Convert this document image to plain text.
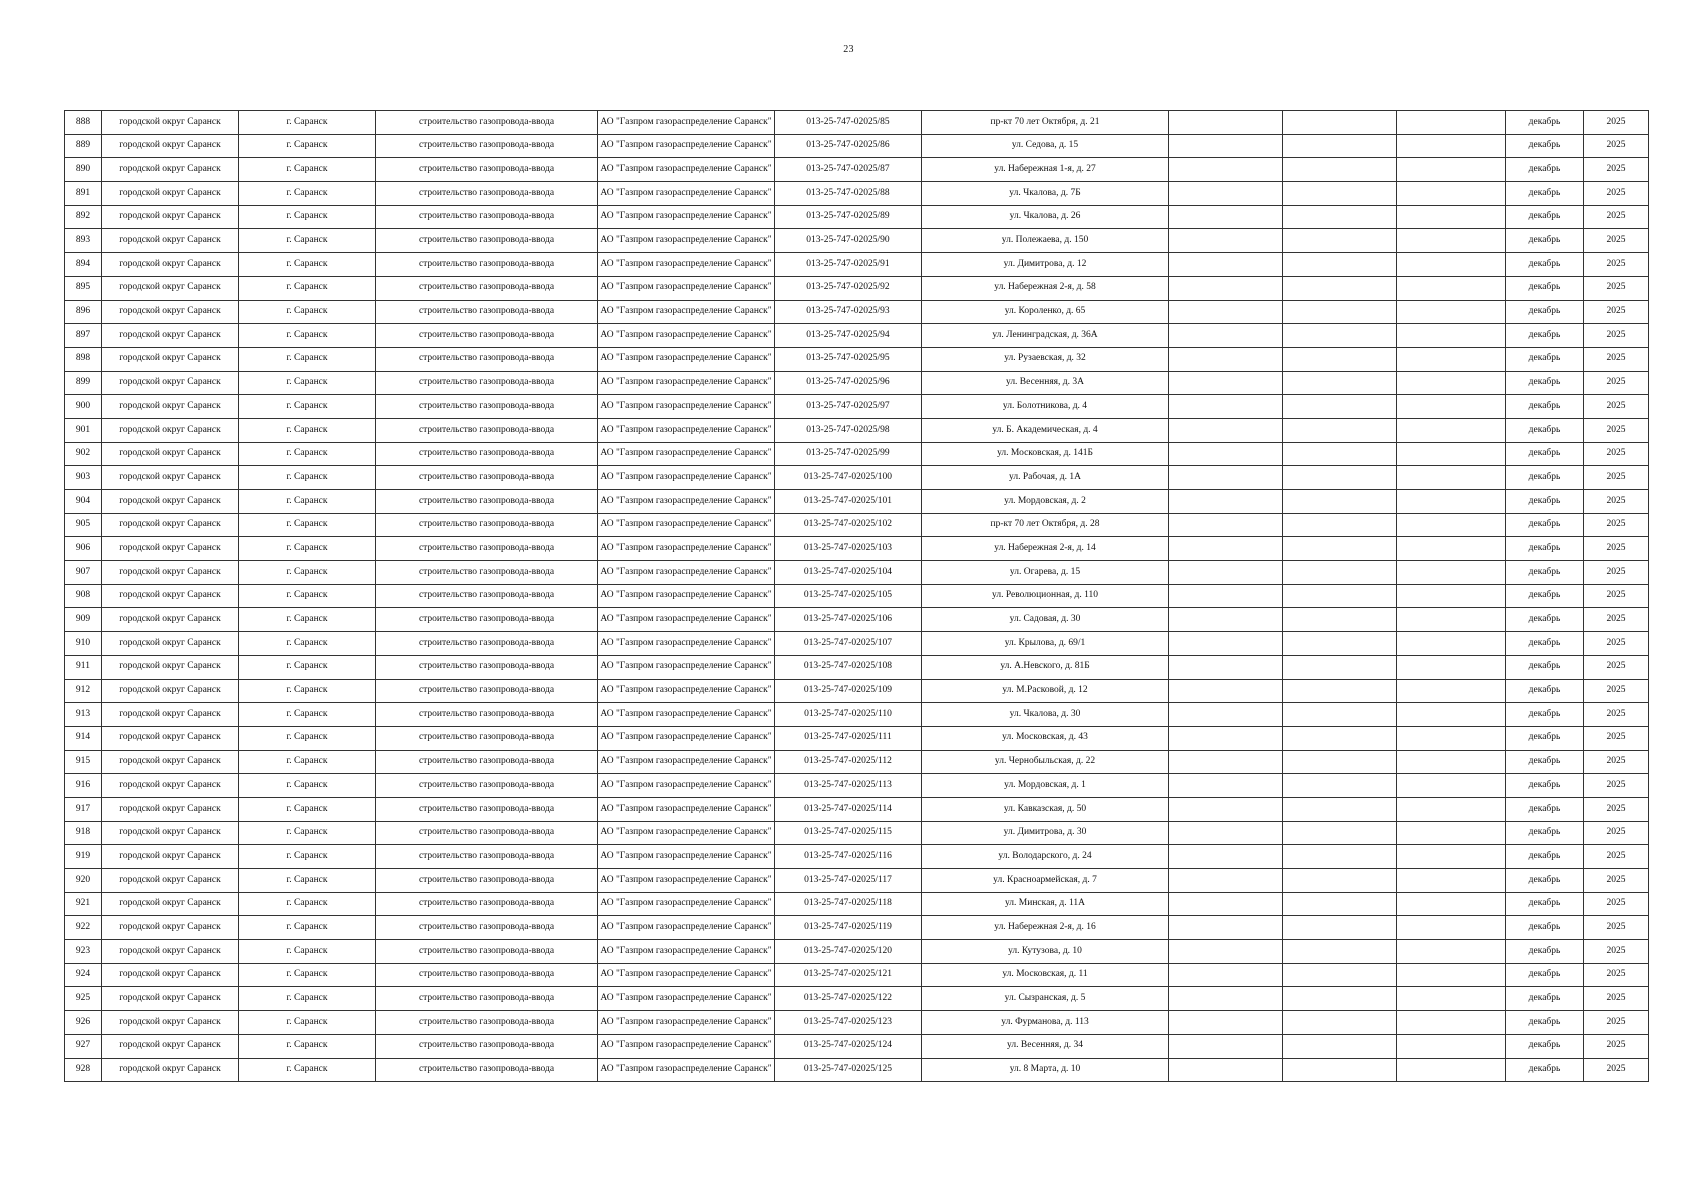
23
888	городской округ Саранск	г. Саранск	строительство газопровода-ввода	АО "Газпром газораспределение Саранск"	013-25-747-02025/85	пр-кт 70 лет Октября, д. 21				декабрь	2025
889	городской округ Саранск	г. Саранск	строительство газопровода-ввода	АО "Газпром газораспределение Саранск"	013-25-747-02025/86	ул. Седова, д. 15				декабрь	2025
890	городской округ Саранск	г. Саранск	строительство газопровода-ввода	АО "Газпром газораспределение Саранск"	013-25-747-02025/87	ул. Набережная 1-я, д. 27				декабрь	2025
891	городской округ Саранск	г. Саранск	строительство газопровода-ввода	АО "Газпром газораспределение Саранск"	013-25-747-02025/88	ул. Чкалова, д. 7Б				декабрь	2025
892	городской округ Саранск	г. Саранск	строительство газопровода-ввода	АО "Газпром газораспределение Саранск"	013-25-747-02025/89	ул. Чкалова, д. 26				декабрь	2025
893	городской округ Саранск	г. Саранск	строительство газопровода-ввода	АО "Газпром газораспределение Саранск"	013-25-747-02025/90	ул. Полежаева, д. 150				декабрь	2025
894	городской округ Саранск	г. Саранск	строительство газопровода-ввода	АО "Газпром газораспределение Саранск"	013-25-747-02025/91	ул. Димитрова, д. 12				декабрь	2025
895	городской округ Саранск	г. Саранск	строительство газопровода-ввода	АО "Газпром газораспределение Саранск"	013-25-747-02025/92	ул. Набережная 2-я, д. 58				декабрь	2025
896	городской округ Саранск	г. Саранск	строительство газопровода-ввода	АО "Газпром газораспределение Саранск"	013-25-747-02025/93	ул. Короленко, д. 65				декабрь	2025
897	городской округ Саранск	г. Саранск	строительство газопровода-ввода	АО "Газпром газораспределение Саранск"	013-25-747-02025/94	ул. Ленинградская, д. 36А				декабрь	2025
898	городской округ Саранск	г. Саранск	строительство газопровода-ввода	АО "Газпром газораспределение Саранск"	013-25-747-02025/95	ул. Рузаевская, д. 32				декабрь	2025
899	городской округ Саранск	г. Саранск	строительство газопровода-ввода	АО "Газпром газораспределение Саранск"	013-25-747-02025/96	ул. Весенняя, д. 3А				декабрь	2025
900	городской округ Саранск	г. Саранск	строительство газопровода-ввода	АО "Газпром газораспределение Саранск"	013-25-747-02025/97	ул. Болотникова, д. 4				декабрь	2025
901	городской округ Саранск	г. Саранск	строительство газопровода-ввода	АО "Газпром газораспределение Саранск"	013-25-747-02025/98	ул. Б. Академическая, д. 4				декабрь	2025
902	городской округ Саранск	г. Саранск	строительство газопровода-ввода	АО "Газпром газораспределение Саранск"	013-25-747-02025/99	ул. Московская, д. 141Б				декабрь	2025
903	городской округ Саранск	г. Саранск	строительство газопровода-ввода	АО "Газпром газораспределение Саранск"	013-25-747-02025/100	ул. Рабочая, д. 1А				декабрь	2025
904	городской округ Саранск	г. Саранск	строительство газопровода-ввода	АО "Газпром газораспределение Саранск"	013-25-747-02025/101	ул. Мордовская, д. 2				декабрь	2025
905	городской округ Саранск	г. Саранск	строительство газопровода-ввода	АО "Газпром газораспределение Саранск"	013-25-747-02025/102	пр-кт 70 лет Октября, д. 28				декабрь	2025
906	городской округ Саранск	г. Саранск	строительство газопровода-ввода	АО "Газпром газораспределение Саранск"	013-25-747-02025/103	ул. Набережная 2-я, д. 14				декабрь	2025
907	городской округ Саранск	г. Саранск	строительство газопровода-ввода	АО "Газпром газораспределение Саранск"	013-25-747-02025/104	ул. Огарева, д. 15				декабрь	2025
908	городской округ Саранск	г. Саранск	строительство газопровода-ввода	АО "Газпром газораспределение Саранск"	013-25-747-02025/105	ул. Революционная, д. 110				декабрь	2025
909	городской округ Саранск	г. Саранск	строительство газопровода-ввода	АО "Газпром газораспределение Саранск"	013-25-747-02025/106	ул. Садовая, д. 30				декабрь	2025
910	городской округ Саранск	г. Саранск	строительство газопровода-ввода	АО "Газпром газораспределение Саранск"	013-25-747-02025/107	ул. Крылова, д. 69/1				декабрь	2025
911	городской округ Саранск	г. Саранск	строительство газопровода-ввода	АО "Газпром газораспределение Саранск"	013-25-747-02025/108	ул. А.Невского, д. 81Б				декабрь	2025
912	городской округ Саранск	г. Саранск	строительство газопровода-ввода	АО "Газпром газораспределение Саранск"	013-25-747-02025/109	ул. М.Расковой, д. 12				декабрь	2025
913	городской округ Саранск	г. Саранск	строительство газопровода-ввода	АО "Газпром газораспределение Саранск"	013-25-747-02025/110	ул. Чкалова, д. 30				декабрь	2025
914	городской округ Саранск	г. Саранск	строительство газопровода-ввода	АО "Газпром газораспределение Саранск"	013-25-747-02025/111	ул. Московская, д. 43				декабрь	2025
915	городской округ Саранск	г. Саранск	строительство газопровода-ввода	АО "Газпром газораспределение Саранск"	013-25-747-02025/112	ул. Чернобыльская, д. 22				декабрь	2025
916	городской округ Саранск	г. Саранск	строительство газопровода-ввода	АО "Газпром газораспределение Саранск"	013-25-747-02025/113	ул. Мордовская, д. 1				декабрь	2025
917	городской округ Саранск	г. Саранск	строительство газопровода-ввода	АО "Газпром газораспределение Саранск"	013-25-747-02025/114	ул. Кавказская, д. 50				декабрь	2025
918	городской округ Саранск	г. Саранск	строительство газопровода-ввода	АО "Газпром газораспределение Саранск"	013-25-747-02025/115	ул. Димитрова, д. 30				декабрь	2025
919	городской округ Саранск	г. Саранск	строительство газопровода-ввода	АО "Газпром газораспределение Саранск"	013-25-747-02025/116	ул. Володарского, д. 24				декабрь	2025
920	городской округ Саранск	г. Саранск	строительство газопровода-ввода	АО "Газпром газораспределение Саранск"	013-25-747-02025/117	ул. Красноармейская, д. 7				декабрь	2025
921	городской округ Саранск	г. Саранск	строительство газопровода-ввода	АО "Газпром газораспределение Саранск"	013-25-747-02025/118	ул. Минская, д. 11А				декабрь	2025
922	городской округ Саранск	г. Саранск	строительство газопровода-ввода	АО "Газпром газораспределение Саранск"	013-25-747-02025/119	ул. Набережная 2-я, д. 16				декабрь	2025
923	городской округ Саранск	г. Саранск	строительство газопровода-ввода	АО "Газпром газораспределение Саранск"	013-25-747-02025/120	ул. Кутузова, д. 10				декабрь	2025
924	городской округ Саранск	г. Саранск	строительство газопровода-ввода	АО "Газпром газораспределение Саранск"	013-25-747-02025/121	ул. Московская, д. 11				декабрь	2025
925	городской округ Саранск	г. Саранск	строительство газопровода-ввода	АО "Газпром газораспределение Саранск"	013-25-747-02025/122	ул. Сызранская, д. 5				декабрь	2025
926	городской округ Саранск	г. Саранск	строительство газопровода-ввода	АО "Газпром газораспределение Саранск"	013-25-747-02025/123	ул. Фурманова, д. 113				декабрь	2025
927	городской округ Саранск	г. Саранск	строительство газопровода-ввода	АО "Газпром газораспределение Саранск"	013-25-747-02025/124	ул. Весенняя, д. 34				декабрь	2025
928	городской округ Саранск	г. Саранск	строительство газопровода-ввода	АО "Газпром газораспределение Саранск"	013-25-747-02025/125	ул. 8 Марта, д. 10				декабрь	2025
